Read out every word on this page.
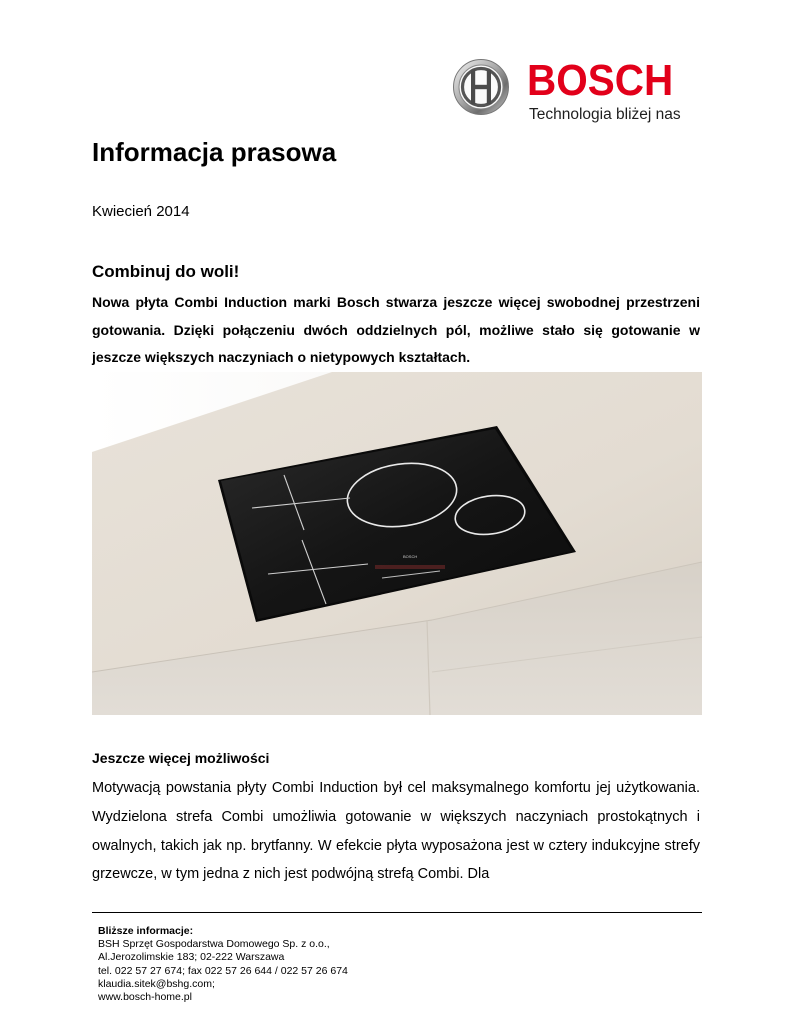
BOSCH
Technologia bliżej nas
Informacja prasowa
Kwiecień 2014
Combinuj do woli!

Nowa płyta Combi Induction marki Bosch stwarza jeszcze więcej swobodnej przestrzeni gotowania. Dzięki połączeniu dwóch oddzielnych pól, możliwe stało się gotowanie w jeszcze większych naczyniach o nietypowych kształtach.

BOSCH
Jeszcze więcej możliwości

Motywacją powstania płyty Combi Induction był cel maksymalnego komfortu jej użytkowania. Wydzielona strefa Combi umożliwia gotowanie w większych naczyniach prostokątnych i owalnych, takich jak np. brytfanny. W efekcie płyta wyposażona jest w cztery indukcyjne strefy grzewcze, w tym jedna z nich jest podwójną strefą Combi. Dla

Bliższe informacje:
BSH Sprzęt Gospodarstwa Domowego Sp. z o.o.,
Al.Jerozolimskie 183; 02-222 Warszawa
tel. 022 57 27 674; fax 022 57 26 644 / 022 57 26 674
klaudia.sitek@bshg.com;
www.bosch-home.pl
